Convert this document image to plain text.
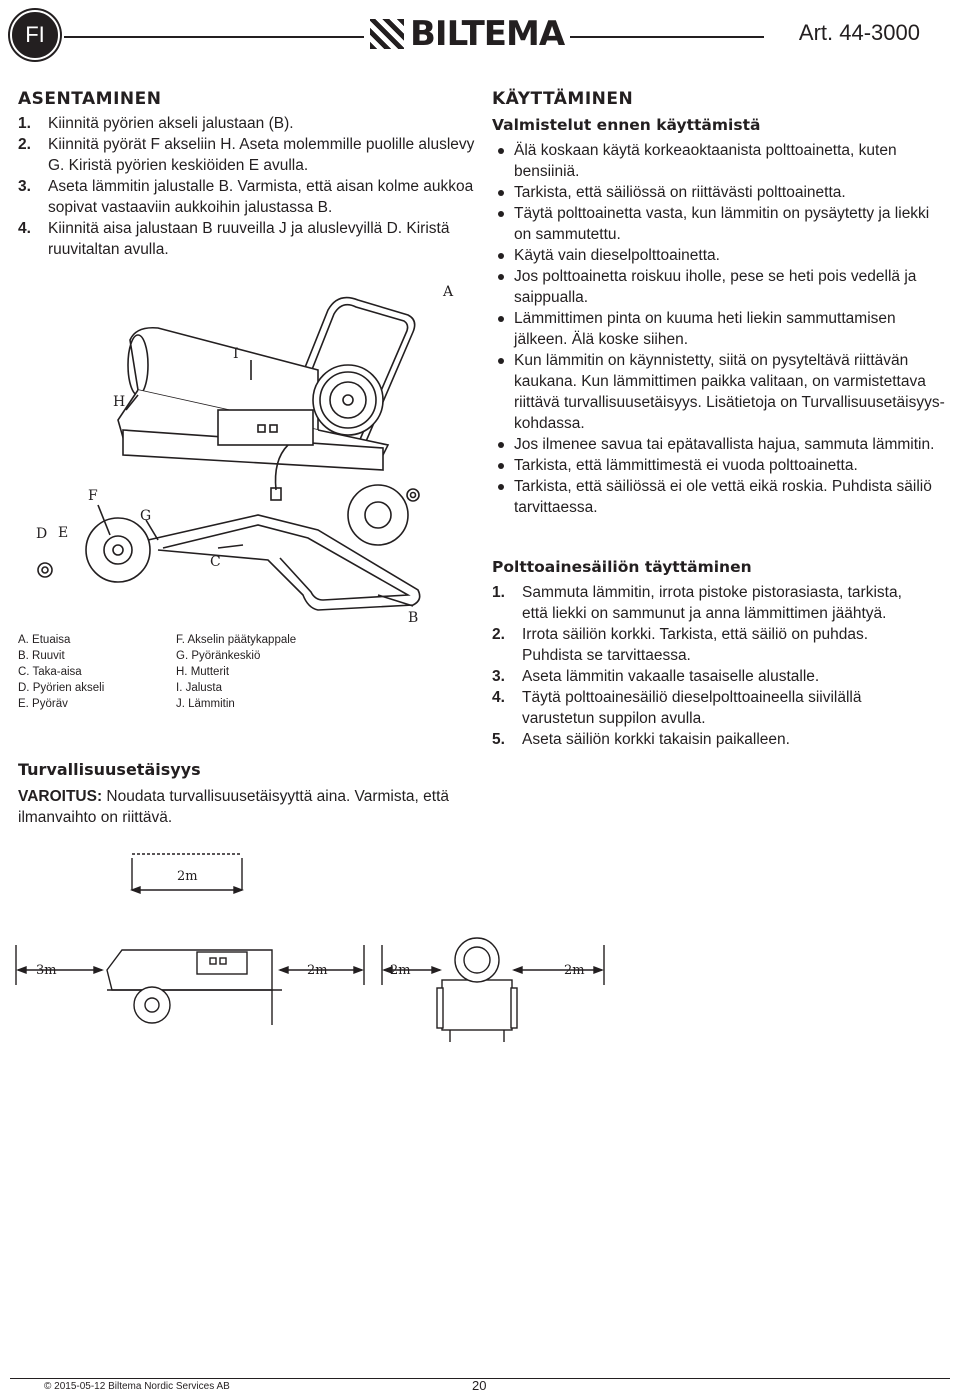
FI	BILTEMA	Art. 44-3000
ASENTAMINEN
1. Kiinnitä pyörien akseli jalustaan (B).
2. Kiinnitä pyörät F akseliin H. Aseta molemmille puolille aluslevy G. Kiristä pyörien keskiöiden E avulla.
3. Aseta lämmitin jalustalle B. Varmista, että aisan kolme aukkoa sopivat vastaaviin aukkoihin jalustassa B.
4. Kiinnitä aisa jalustaan B ruuveilla J ja aluslevyillä D. Kiristä ruuvitaltan avulla.
A
B
C
D E
F
G
H
I
A. Etuaisa
B. Ruuvit
C. Taka-aisa
D. Pyörien akseli
E. Pyöräv
F. Akselin päätykappale
G. Pyöränkeskiö
H. Mutterit
I. Jalusta
J. Lämmitin
Turvallisuusetäisyys
VAROITUS: Noudata turvallisuusetäisyyttä aina. Varmista, että ilmanvaihto on riittävä.
2m
3m	2m	2m	2m
KÄYTTÄMINEN
Valmistelut ennen käyttämistä
Älä koskaan käytä korkeaoktaanista polttoainetta, kuten bensiiniä.
Tarkista, että säiliössä on riittävästi polttoainetta.
Täytä polttoainetta vasta, kun lämmitin on pysäytetty ja liekki on sammutettu.
Käytä vain dieselpolttoainetta.
Jos polttoainetta roiskuu iholle, pese se heti pois vedellä ja saippualla.
Lämmittimen pinta on kuuma heti liekin sammuttamisen jälkeen. Älä koske siihen.
Kun lämmitin on käynnistetty, siitä on pysyteltävä riittävän kaukana. Kun lämmittimen paikka valitaan, on varmistettava riittävä turvallisuusetäisyys. Lisätietoja on Turvallisuusetäisyys-kohdassa.
Jos ilmenee savua tai epätavallista hajua, sammuta lämmitin.
Tarkista, että lämmittimestä ei vuoda polttoainetta.
Tarkista, että säiliössä ei ole vettä eikä roskia. Puhdista säiliö tarvittaessa.
Polttoainesäiliön täyttäminen
1. Sammuta lämmitin, irrota pistoke pistorasiasta, tarkista, että liekki on sammunut ja anna lämmittimen jäähtyä.
2. Irrota säiliön korkki. Tarkista, että säiliö on puhdas. Puhdista se tarvittaessa.
3. Aseta lämmitin vakaalle tasaiselle alustalle.
4. Täytä polttoainesäiliö dieselpolttoaineella siivilällä varustetun suppilon avulla.
5. Aseta säiliön korkki takaisin paikalleen.
© 2015-05-12 Biltema Nordic Services AB	20
